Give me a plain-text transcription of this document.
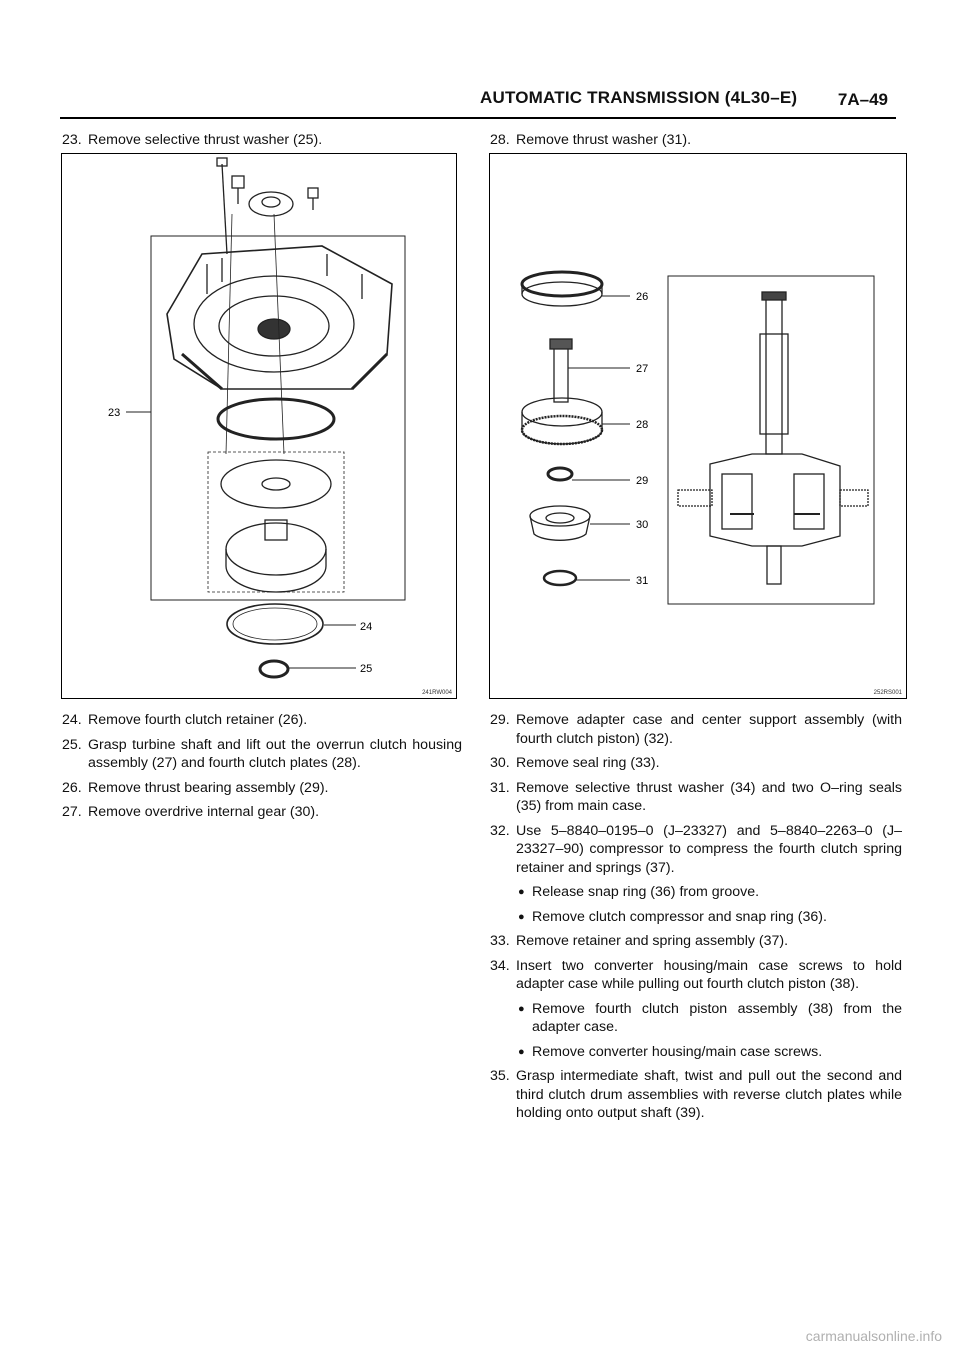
AUTOMATIC TRANSMISSION (4L30–E) 7A–49
23. Remove selective thrust washer (25).
23
24
25
241RW004
24. Remove fourth clutch retainer (26).
25. Grasp turbine shaft and lift out the overrun clutch housing assembly (27) and fourth clutch plates (28).
26. Remove thrust bearing assembly (29).
27. Remove overdrive internal gear (30).
28. Remove thrust washer (31).
26
27
28
29
30
31
252RS001
29. Remove adapter case and center support assembly (with fourth clutch piston) (32).
30. Remove seal ring (33).
31. Remove selective thrust washer (34) and two O–ring seals (35) from main case.
32. Use 5–8840–0195–0 (J–23327) and 5–8840–2263–0 (J–23327–90) compressor to compress the fourth clutch spring retainer and springs (37).
● Release snap ring (36) from groove.
● Remove clutch compressor and snap ring (36).
33. Remove retainer and spring assembly (37).
34. Insert two converter housing/main case screws to hold adapter case while pulling out fourth clutch piston (38).
● Remove fourth clutch piston assembly (38) from the adapter case.
● Remove converter housing/main case screws.
35. Grasp intermediate shaft, twist and pull out the second and third clutch drum assemblies with reverse clutch plates while holding onto output shaft (39).
carmanualsonline.info
